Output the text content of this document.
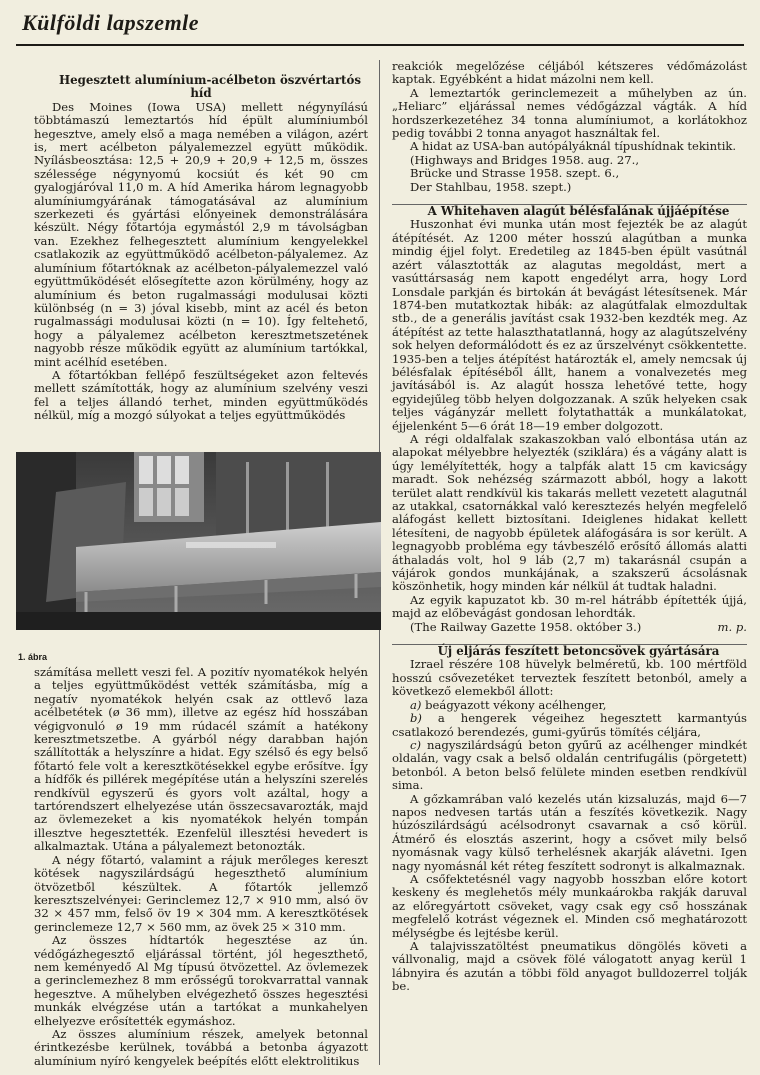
Külföldi lapszemle

Hegesztett alumínium-acélbeton öszvértartós híd

Des Moines (Iowa USA) mellett négynyílású többtámaszú lemeztartós híd épült alumíniumból hegesztve, amely első a maga nemében a világon, azért is, mert acélbeton pályalemezzel együtt működik. Nyílásbeosztása: 12,5 + 20,9 + 20,9 + 12,5 m, összes szélessége négynyomú kocsiút és két 90 cm gyalogjáróval 11,0 m. A híd Amerika három legnagyobb alumíniumgyárának támogatásával az alumínium szerkezeti és gyártási előnyeinek demonstrálására készült. Négy főtartója egymástól 2,9 m távolságban van. Ezekhez felhegesztett alumínium kengyelekkel csatlakozik az együttműködő acélbeton-pályalemez. Az alumínium főtartóknak az acélbeton-pályalemezzel való együttműködését elősegítette azon körülmény, hogy az alumínium és beton rugalmassági modulusai közti különbség (n = 3) jóval kisebb, mint az acél és beton rugalmassági modulusai közti (n = 10). Így feltehető, hogy a pályalemez acélbeton keresztmetszetének nagyobb része működik együtt az alumínium tartókkal, mint acélhíd esetében.

A főtartókban fellépő feszültségeket azon feltevés mellett számították, hogy az alumínium szelvény veszi fel a teljes állandó terhet, minden együttműködés nélkül, míg a mozgó súlyokat a teljes együttműködés

1. ábra

számítása mellett veszi fel. A pozitív nyomatékok helyén a teljes együttműködést vették számításba, míg a negatív nyomatékok helyén csak az ottlevő laza acélbetétek (ø 36 mm), illetve az egész híd hosszában végigvonuló ø 19 mm rúdacél számít a hatékony keresztmetszetbe. A gyárból négy darabban hajón szállították a helyszínre a hidat. Egy szélső és egy belső főtartó fele volt a keresztkötésekkel egybe erősítve. Így a hídfők és pillérek megépítése után a helyszíni szerelés rendkívül egyszerű és gyors volt azáltal, hogy a tartórendszert elhelyezése után összecsavarozták, majd az övlemezeket a kis nyomatékok helyén tompán illesztve hegesztették. Ezenfelül illesztési hevedert is alkalmaztak. Utána a pályalemezt betonozták.

A négy főtartó, valamint a rájuk merőleges kereszt kötések nagyszilárdságú hegeszthető alumínium ötvözetből készültek. A főtartók jellemző keresztszelvényei: Gerinclemez 12,7 × 910 mm, alsó öv 32 × 457 mm, felső öv 19 × 304 mm. A keresztkötések gerinclemeze 12,7 × 560 mm, az övek 25 × 310 mm.

Az összes hídtartók hegesztése az ún. védőgázhegesztő eljárással történt, jól hegeszthető, nem keményedő Al Mg típusú ötvözettel. Az övlemezek a gerinclemezhez 8 mm erősségű torokvarrattal vannak hegesztve. A műhelyben elvégezhető összes hegesztési munkák elvégzése után a tartókat a munkahelyen elhelyezve erősítették egymáshoz.

Az összes alumínium részek, amelyek betonnal érintkezésbe kerülnek, továbbá a betonba ágyazott alumínium nyíró kengyelek beépítés előtt elektrolitikus

reakciók megelőzése céljából kétszeres védőmázolást kaptak. Egyébként a hidat mázolni nem kell.

A lemeztartók gerinclemezeit a műhelyben az ún. „Heliarc” eljárással nemes védőgázzal vágták. A híd hordszerkezetéhez 34 tonna alumíniumot, a korlátokhoz pedig további 2 tonna anyagot használtak fel.

A hidat az USA-ban autópályáknál típushídnak tekintik.

(Highways and Bridges 1958. aug. 27.,

Brücke und Strasse 1958. szept. 6.,

Der Stahlbau, 1958. szept.)

A Whitehaven alagút bélésfalának újjáépítése

Huszonhat évi munka után most fejezték be az alagút átépítését. Az 1200 méter hosszú alagútban a munka mindig éjjel folyt. Eredetileg az 1845-ben épült vasútnál azért választották az alagutas megoldást, mert a vasúttársaság nem kapott engedélyt arra, hogy Lord Lonsdale parkján és birtokán át bevágást létesítsenek. Már 1874-ben mutatkoztak hibák: az alagútfalak elmozdultak stb., de a generális javítást csak 1932-ben kezdték meg. Az átépítést az tette halaszthatatlanná, hogy az alagútszelvény sok helyen deformálódott és ez az űrszelvényt csökkentette. 1935-ben a teljes átépítést határozták el, amely nemcsak új bélésfalak építéséből állt, hanem a vonalvezetés meg javításából is. Az alagút hossza lehetővé tette, hogy egyidejűleg több helyen dolgozzanak. A szűk helyeken csak teljes vágányzár mellett folytathatták a munkálatokat, éjjelenként 5—6 órát 18—19 ember dolgozott.

A régi oldalfalak szakaszokban való elbontása után az alapokat mélyebbre helyezték (sziklára) és a vágány alatt is úgy lemélyítették, hogy a talpfák alatt 15 cm kavicságy maradt. Sok nehézség származott abból, hogy a lakott terület alatt rendkívül kis takarás mellett vezetett alagutnál az utakkal, csatornákkal való keresztezés helyén megfelelő aláfogást kellett biztosítani. Ideiglenes hidakat kellett létesíteni, de nagyobb épületek aláfogására is sor került. A legnagyobb probléma egy távbeszélő erősítő állomás alatti áthaladás volt, hol 9 láb (2,7 m) takarásnál csupán a vájárok gondos munkájának, a szakszerű ácsolásnak köszönhetik, hogy minden kár nélkül át tudtak haladni.

Az egyik kapuzatot kb. 30 m-rel hátrább építették újjá, majd az előbevágást gondosan lehordták.

(The Railway Gazette 1958. október 3.)	m. p.

Új eljárás feszített betoncsövek gyártására

Izrael részére 108 hüvelyk belméretű, kb. 100 mértföld hosszú csővezetéket terveztek feszített betonból, amely a következő elemekből állott:

a) beágyazott vékony acélhenger,

b) a hengerek végeihez hegesztett karmantyús csatlakozó berendezés, gumi-gyűrűs tömítés céljára,

c) nagyszilárdságú beton gyűrű az acélhenger mindkét oldalán, vagy csak a belső oldalán centrifugális (pörgetett) betonból. A beton belső felülete minden esetben rendkívül sima.

A gőzkamrában való kezelés után kizsaluzás, majd 6—7 napos nedvesen tartás után a feszítés következik. Nagy húzószilárdságú acélsodronyt csavarnak a cső körül. Átmérő és elosztás aszerint, hogy a csővet mily belső nyomásnak vagy külső terhelésnek akarják alávetni. Igen nagy nyomásnál két réteg feszített sodronyt is alkalmaznak.

A csőfektetésnél vagy nagyobb hosszban előre kotort keskeny és meglehetős mély munkaárokba rakják daruval az előregyártott csöveket, vagy csak egy cső hosszának megfelelő kotrást végeznek el. Minden cső meghatározott mélységbe és lejtésbe kerül.

A talajvisszatöltést pneumatikus döngölés követi a vállvonalig, majd a csövek fölé válogatott anyag kerül 1 lábnyira és azután a többi föld anyagot bulldozerrel tolják be.
